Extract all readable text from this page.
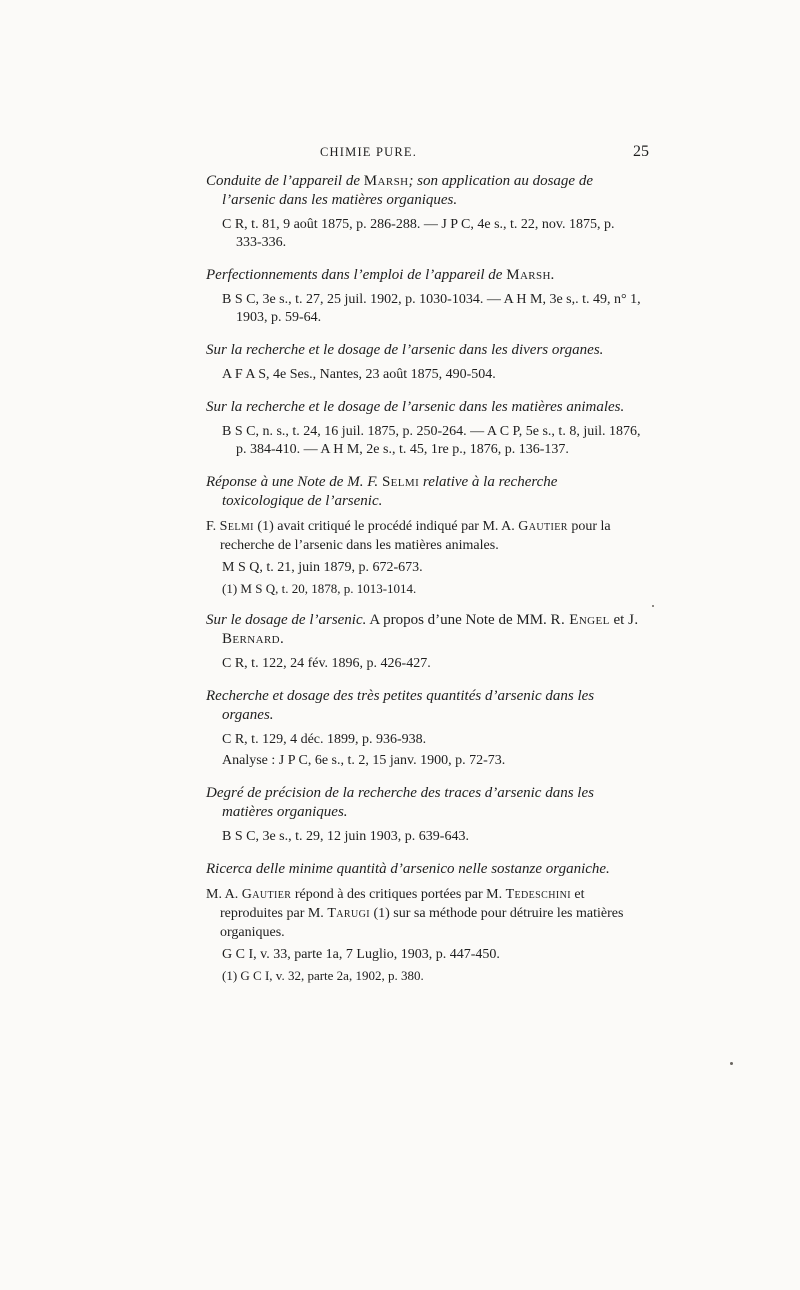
CHIMIE PURE.	25

Conduite de l’appareil de Marsh; son application au dosage de l’arsenic dans les matières organiques.

C R, t. 81, 9 août 1875, p. 286-288. — J P C, 4e s., t. 22, nov. 1875, p. 333-336.

Perfectionnements dans l’emploi de l’appareil de Marsh.

B S C, 3e s., t. 27, 25 juil. 1902, p. 1030-1034. — A H M, 3e s,. t. 49, n° 1, 1903, p. 59-64.

Sur la recherche et le dosage de l’arsenic dans les divers organes.

A F A S, 4e Ses., Nantes, 23 août 1875, 490-504.

Sur la recherche et le dosage de l’arsenic dans les matières animales.

B S C, n. s., t. 24, 16 juil. 1875, p. 250-264. — A C P, 5e s., t. 8, juil. 1876, p. 384-410. — A H M, 2e s., t. 45, 1re p., 1876, p. 136-137.

Réponse à une Note de M. F. Selmi relative à la recherche toxicologique de l’arsenic.

F. Selmi (1) avait critiqué le procédé indiqué par M. A. Gautier pour la recherche de l’arsenic dans les matières animales.

M S Q, t. 21, juin 1879, p. 672-673.

(1) M S Q, t. 20, 1878, p. 1013-1014.

Sur le dosage de l’arsenic. A propos d’une Note de MM. R. Engel et J. Bernard.

C R, t. 122, 24 fév. 1896, p. 426-427.

Recherche et dosage des très petites quantités d’arsenic dans les organes.

C R, t. 129, 4 déc. 1899, p. 936-938.

Analyse : J P C, 6e s., t. 2, 15 janv. 1900, p. 72-73.

Degré de précision de la recherche des traces d’arsenic dans les matières organiques.

B S C, 3e s., t. 29, 12 juin 1903, p. 639-643.

Ricerca delle minime quantità d’arsenico nelle sostanze organiche.

M. A. Gautier répond à des critiques portées par M. Tedeschini et reproduites par M. Tarugi (1) sur sa méthode pour détruire les matières organiques.

G C I, v. 33, parte 1a, 7 Luglio, 1903, p. 447-450.

(1) G C I, v. 32, parte 2a, 1902, p. 380.
